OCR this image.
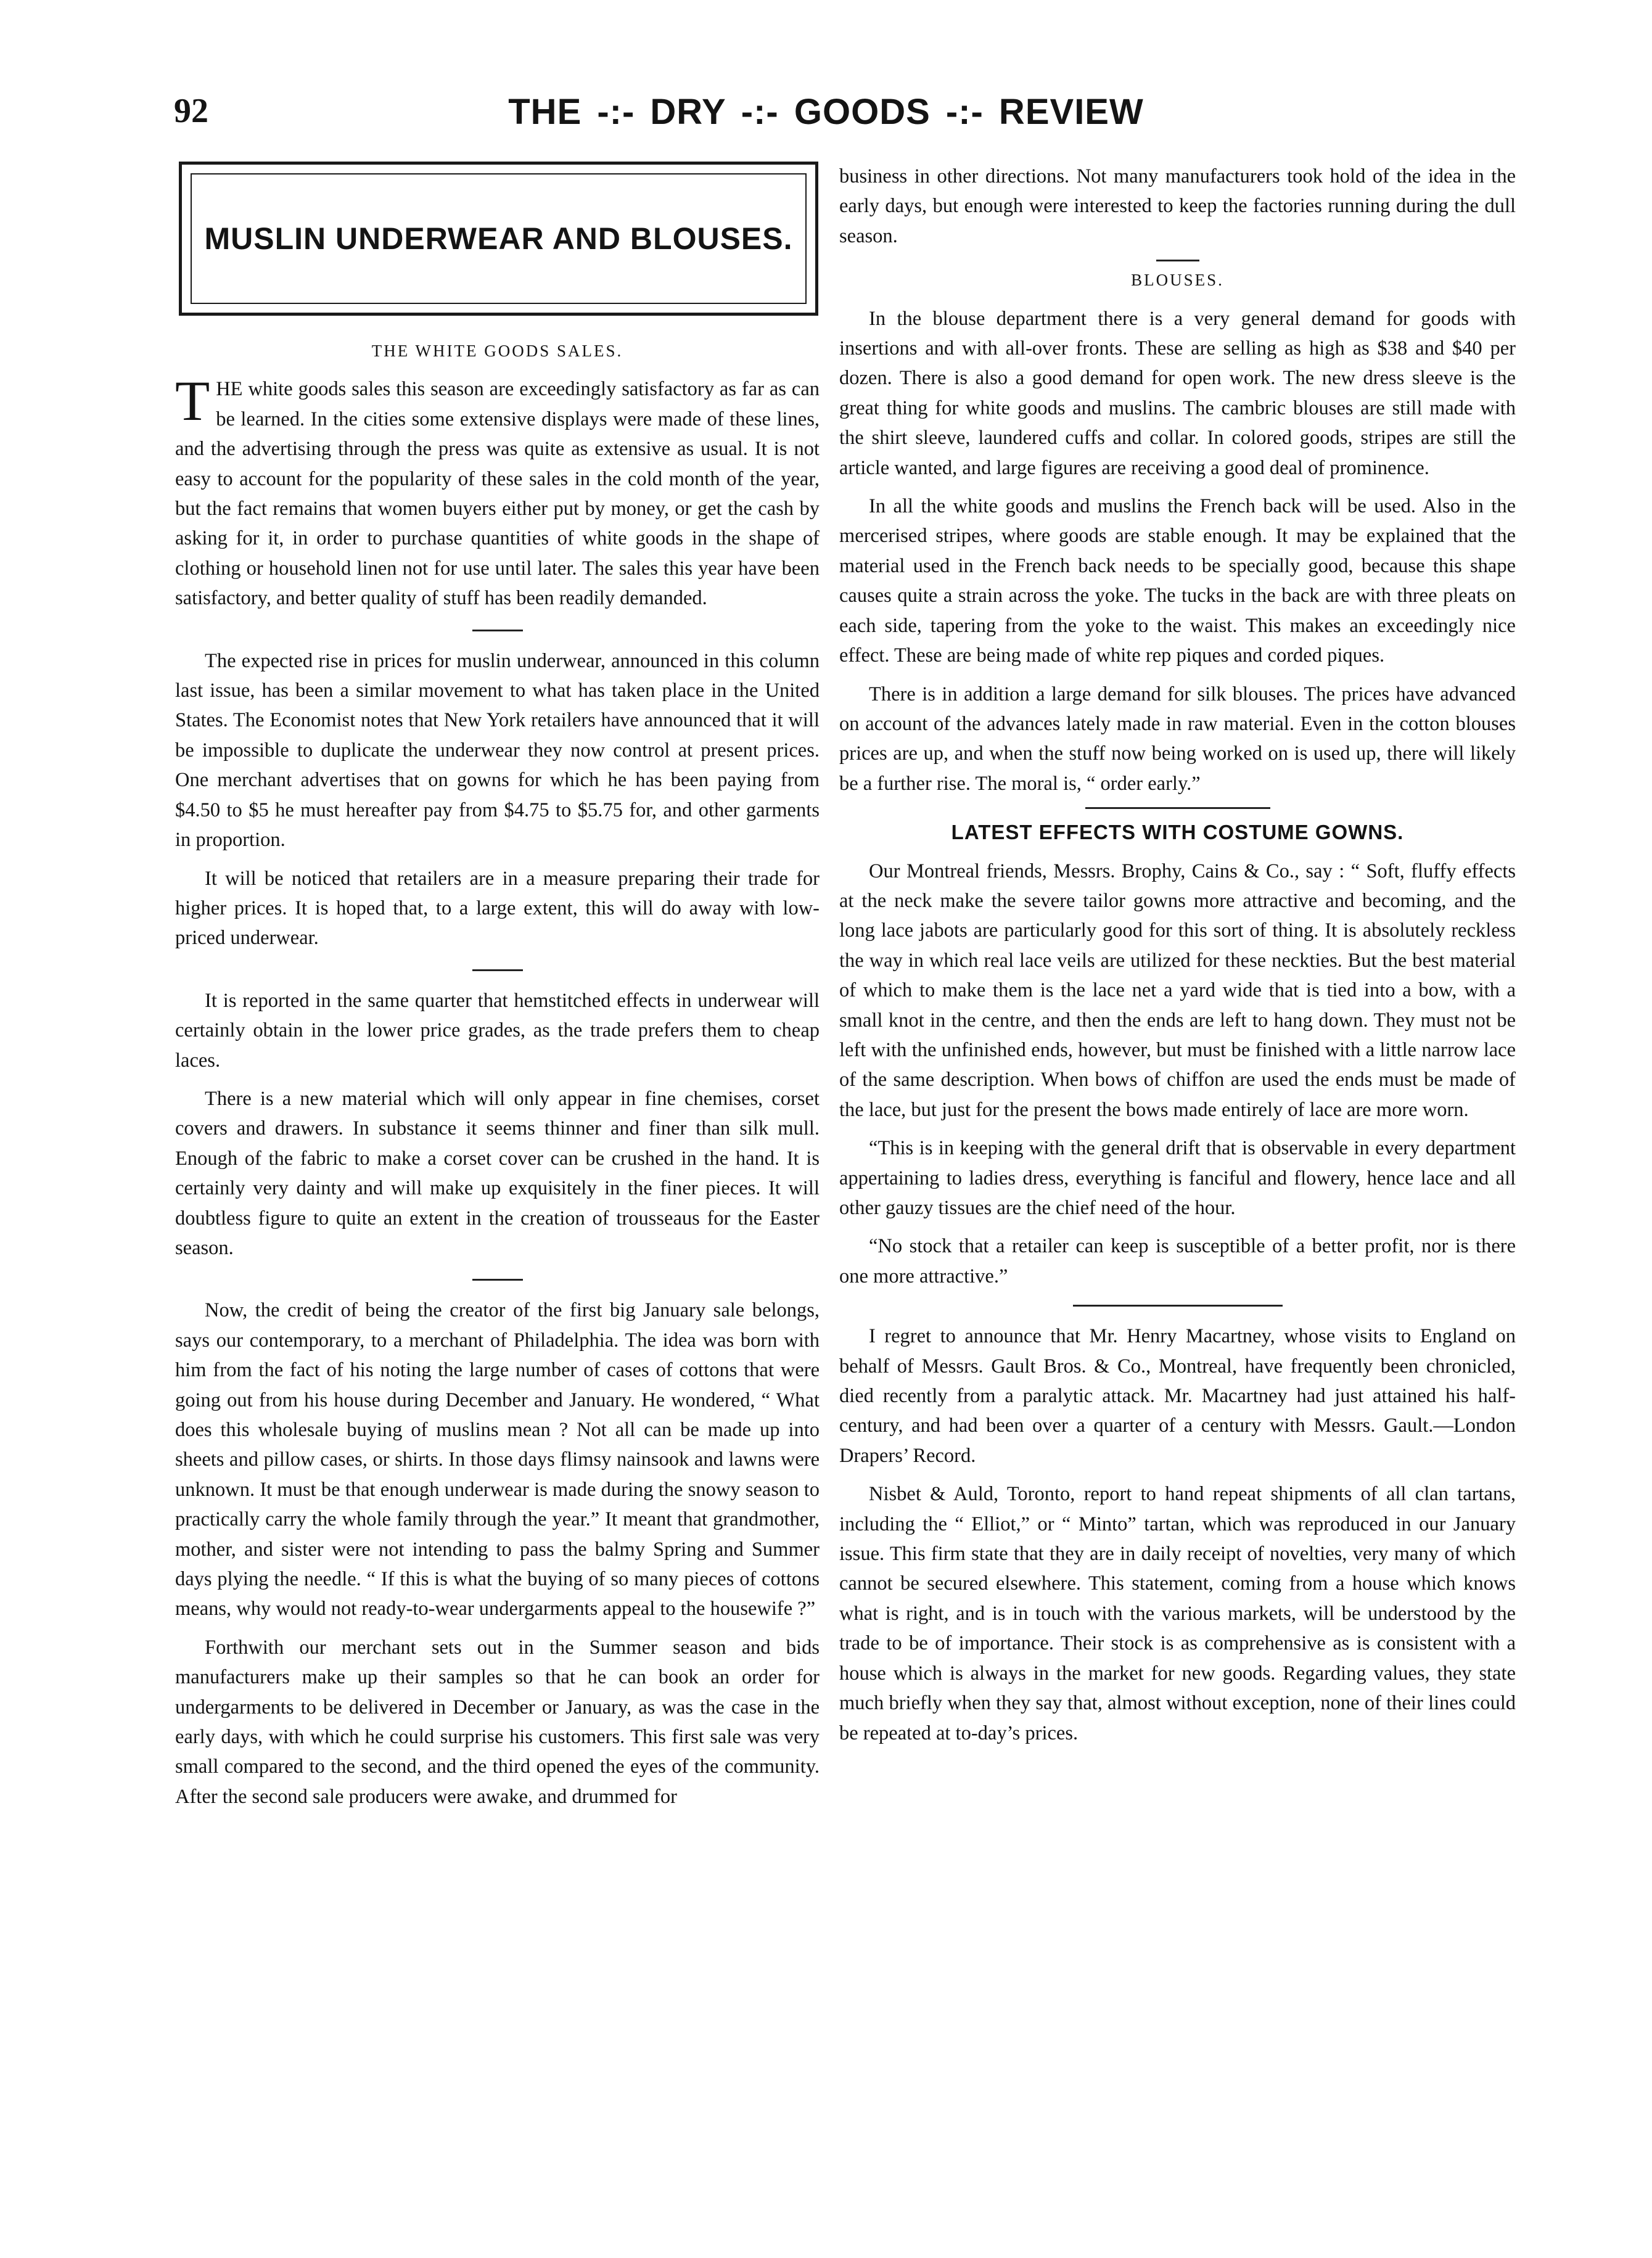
92	THE -:- DRY -:- GOODS -:- REVIEW
MUSLIN UNDERWEAR AND BLOUSES.

THE WHITE GOODS SALES.

THE white goods sales this season are exceedingly satisfactory as far as can be learned. In the cities some extensive displays were made of these lines, and the advertising through the press was quite as extensive as usual. It is not easy to account for the popularity of these sales in the cold month of the year, but the fact remains that women buyers either put by money, or get the cash by asking for it, in order to purchase quantities of white goods in the shape of clothing or household linen not for use until later. The sales this year have been satisfactory, and better quality of stuff has been readily demanded.

The expected rise in prices for muslin underwear, announced in this column last issue, has been a similar movement to what has taken place in the United States. The Economist notes that New York retailers have announced that it will be impossible to duplicate the underwear they now control at present prices. One merchant advertises that on gowns for which he has been paying from $4.50 to $5 he must hereafter pay from $4.75 to $5.75 for, and other garments in proportion.

It will be noticed that retailers are in a measure preparing their trade for higher prices. It is hoped that, to a large extent, this will do away with low-priced underwear.

It is reported in the same quarter that hemstitched effects in underwear will certainly obtain in the lower price grades, as the trade prefers them to cheap laces.

There is a new material which will only appear in fine chemises, corset covers and drawers. In substance it seems thinner and finer than silk mull. Enough of the fabric to make a corset cover can be crushed in the hand. It is certainly very dainty and will make up exquisitely in the finer pieces. It will doubtless figure to quite an extent in the creation of trousseaus for the Easter season.

Now, the credit of being the creator of the first big January sale belongs, says our contemporary, to a merchant of Philadelphia. The idea was born with him from the fact of his noting the large number of cases of cottons that were going out from his house during December and January. He wondered, “ What does this wholesale buying of muslins mean ? Not all can be made up into sheets and pillow cases, or shirts. In those days flimsy nainsook and lawns were unknown. It must be that enough underwear is made during the snowy season to practically carry the whole family through the year.” It meant that grandmother, mother, and sister were not intending to pass the balmy Spring and Summer days plying the needle. “ If this is what the buying of so many pieces of cottons means, why would not ready-to-wear undergarments appeal to the housewife ?”

Forthwith our merchant sets out in the Summer season and bids manufacturers make up their samples so that he can book an order for undergarments to be delivered in December or January, as was the case in the early days, with which he could surprise his customers. This first sale was very small compared to the second, and the third opened the eyes of the community. After the second sale producers were awake, and drummed for

business in other directions. Not many manufacturers took hold of the idea in the early days, but enough were interested to keep the factories running during the dull season.

BLOUSES.

In the blouse department there is a very general demand for goods with insertions and with all-over fronts. These are selling as high as $38 and $40 per dozen. There is also a good demand for open work. The new dress sleeve is the great thing for white goods and muslins. The cambric blouses are still made with the shirt sleeve, laundered cuffs and collar. In colored goods, stripes are still the article wanted, and large figures are receiving a good deal of prominence.

In all the white goods and muslins the French back will be used. Also in the mercerised stripes, where goods are stable enough. It may be explained that the material used in the French back needs to be specially good, because this shape causes quite a strain across the yoke. The tucks in the back are with three pleats on each side, tapering from the yoke to the waist. This makes an exceedingly nice effect. These are being made of white rep piques and corded piques.

There is in addition a large demand for silk blouses. The prices have advanced on account of the advances lately made in raw material. Even in the cotton blouses prices are up, and when the stuff now being worked on is used up, there will likely be a further rise. The moral is, “ order early.”

LATEST EFFECTS WITH COSTUME GOWNS.

Our Montreal friends, Messrs. Brophy, Cains & Co., say : “ Soft, fluffy effects at the neck make the severe tailor gowns more attractive and becoming, and the long lace jabots are particularly good for this sort of thing. It is absolutely reckless the way in which real lace veils are utilized for these neckties. But the best material of which to make them is the lace net a yard wide that is tied into a bow, with a small knot in the centre, and then the ends are left to hang down. They must not be left with the unfinished ends, however, but must be finished with a little narrow lace of the same description. When bows of chiffon are used the ends must be made of the lace, but just for the present the bows made entirely of lace are more worn.

“This is in keeping with the general drift that is observable in every department appertaining to ladies dress, everything is fanciful and flowery, hence lace and all other gauzy tissues are the chief need of the hour.

“No stock that a retailer can keep is susceptible of a better profit, nor is there one more attractive.”

I regret to announce that Mr. Henry Macartney, whose visits to England on behalf of Messrs. Gault Bros. & Co., Montreal, have frequently been chronicled, died recently from a paralytic attack. Mr. Macartney had just attained his half-century, and had been over a quarter of a century with Messrs. Gault.—London Drapers’ Record.

Nisbet & Auld, Toronto, report to hand repeat shipments of all clan tartans, including the “ Elliot,” or “ Minto” tartan, which was reproduced in our January issue. This firm state that they are in daily receipt of novelties, very many of which cannot be secured elsewhere. This statement, coming from a house which knows what is right, and is in touch with the various markets, will be understood by the trade to be of importance. Their stock is as comprehensive as is consistent with a house which is always in the market for new goods. Regarding values, they state much briefly when they say that, almost without exception, none of their lines could be repeated at to-day’s prices.
